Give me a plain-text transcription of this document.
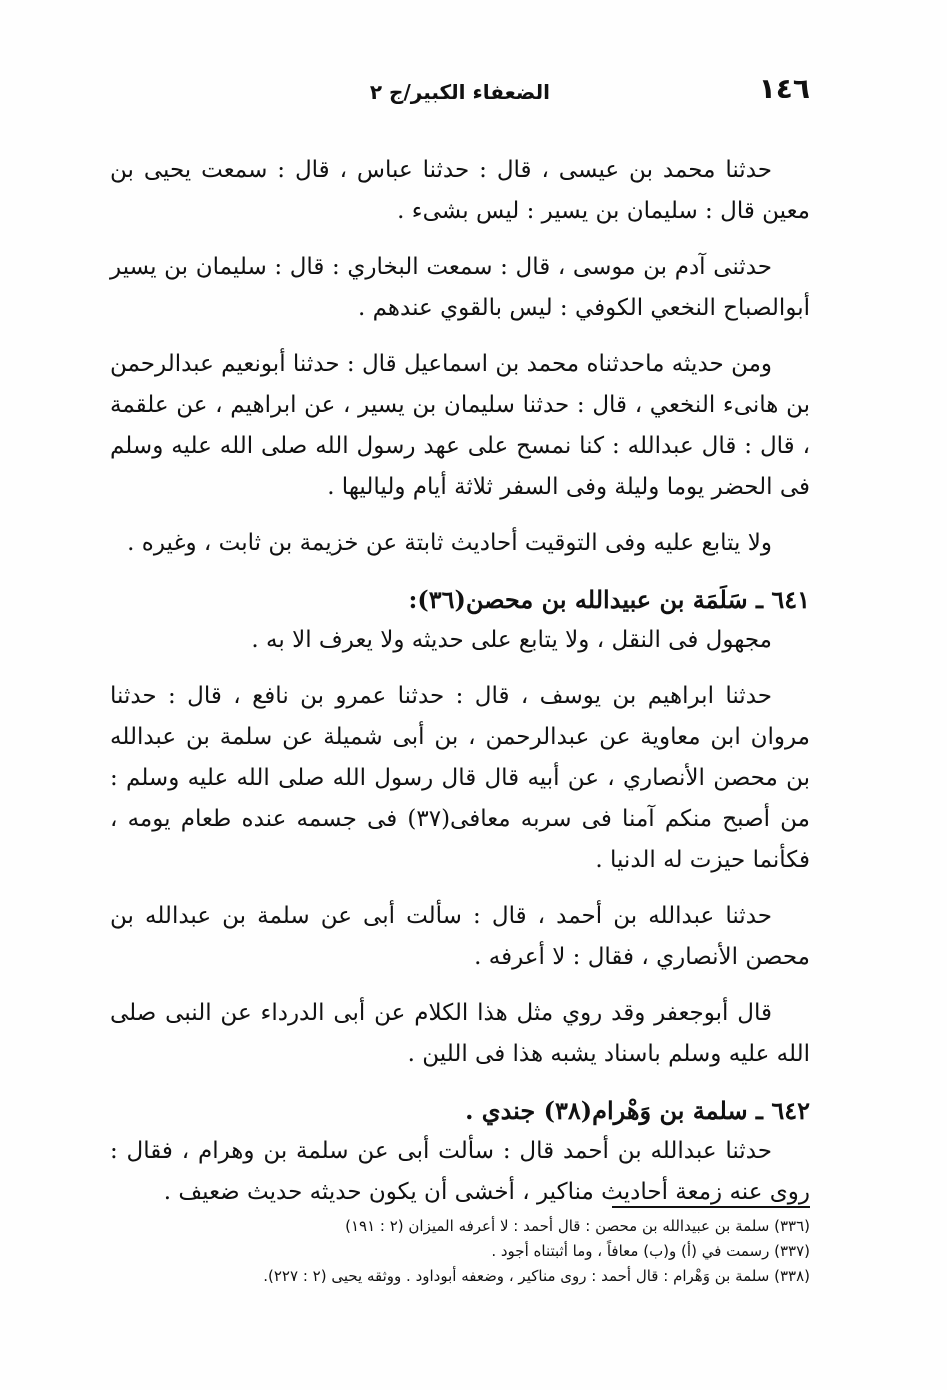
١٤٦
الضعفاء الكبير/ج ٢

حدثنا محمد بن عيسى ، قال : حدثنا عباس ، قال : سمعت يحيى بن معين قال : سليمان بن يسير : ليس بشىء .

حدثنى آدم بن موسى ، قال : سمعت البخاري : قال : سليمان بن يسير أبوالصباح النخعي الكوفي : ليس بالقوي عندهم .

ومن حديثه ماحدثناه محمد بن اسماعيل قال : حدثنا أبونعيم عبدالرحمن بن هانىء النخعي ، قال : حدثنا سليمان بن يسير ، عن ابراهيم ، عن علقمة ، قال : قال عبدالله : كنا نمسح على عهد رسول الله صلى الله عليه وسلم فى الحضر يوما وليلة وفى السفر ثلاثة أيام ولياليها .

ولا يتابع عليه وفى التوقيت أحاديث ثابتة عن خزيمة بن ثابت ، وغيره .

٦٤١ ـ سَلَمَة بن عبيدالله بن محصن(٣٦):

مجهول فى النقل ، ولا يتابع على حديثه ولا يعرف الا به .

حدثنا ابراهيم بن يوسف ، قال : حدثنا عمرو بن نافع ، قال : حدثنا مروان ابن معاوية عن عبدالرحمن ، بن أبى شميلة عن سلمة بن عبدالله بن محصن الأنصاري ، عن أبيه قال قال رسول الله صلى الله عليه وسلم : من أصبح منكم آمنا فى سربه معافى(٣٧) فى جسمه عنده طعام يومه ، فكأنما حيزت له الدنيا .

حدثنا عبدالله بن أحمد ، قال : سألت أبى عن سلمة بن عبدالله بن محصن الأنصاري ، فقال : لا أعرفه .

قال أبوجعفر وقد روي مثل هذا الكلام عن أبى الدرداء عن النبى صلى الله عليه وسلم باسناد يشبه هذا فى اللين .

٦٤٢ ـ سلمة بن وَهْرام(٣٨) جندي .

حدثنا عبدالله بن أحمد قال : سألت أبى عن سلمة بن وهرام ، فقال : روى عنه زمعة أحاديث مناكير ، أخشى أن يكون حديثه حديث ضعيف .

(٣٣٦) سلمة بن عبيدالله بن محصن : قال أحمد : لا أعرفه الميزان (٢ : ١٩١)
(٣٣٧) رسمت في (أ) و(ب) معافاً ، وما أثبتناه أجود .
(٣٣٨) سلمة بن وَهْرام : قال أحمد : روى مناكير ، وضعفه أبوداود . ووثقه يحيى (٢ : ٢٢٧).
